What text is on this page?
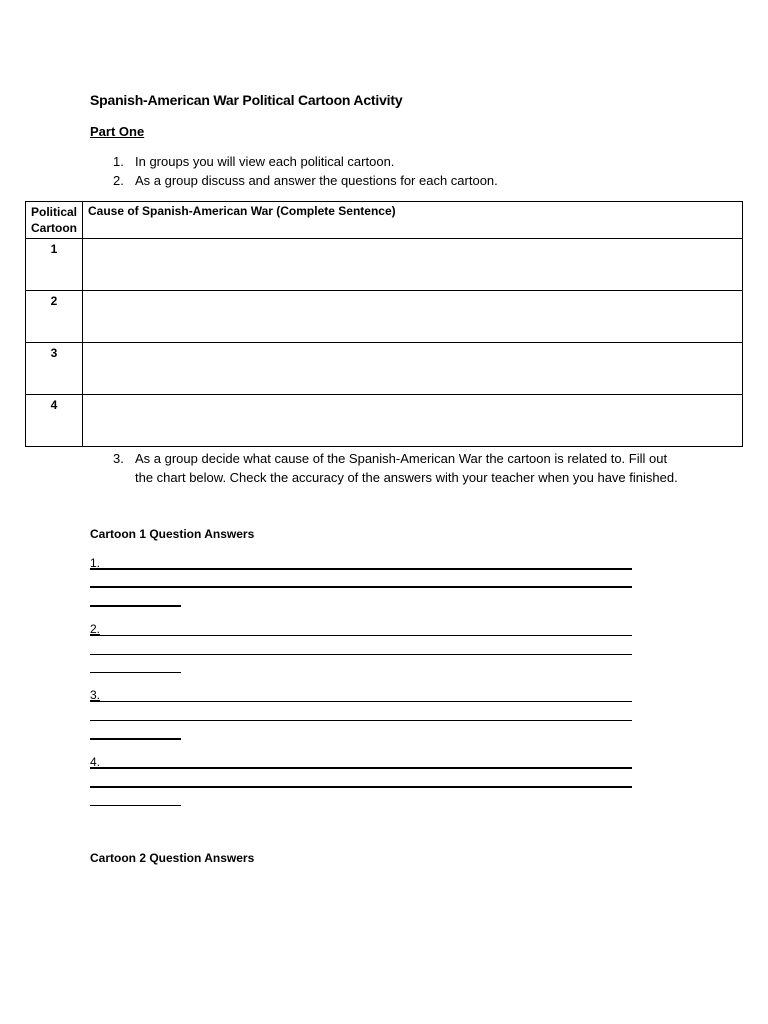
Spanish-American War Political Cartoon Activity
Part One
1. In groups you will view each political cartoon.
2. As a group discuss and answer the questions for each cartoon.
Political Cartoon	Cause of Spanish-American War (Complete Sentence)
1	
2	
3	
4	
3. As a group decide what cause of the Spanish-American War the cartoon is related to. Fill out the chart below. Check the accuracy of the answers with your teacher when you have finished.
Cartoon 1 Question Answers
1.
2.
3.
4.
Cartoon 2 Question Answers
